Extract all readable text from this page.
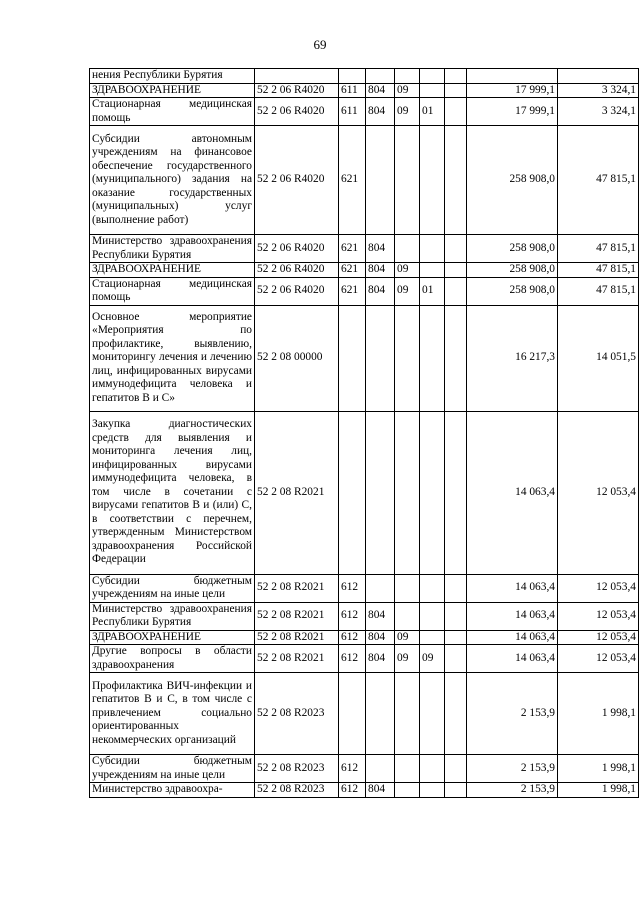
69
нения Республики Бурятия								
ЗДРАВООХРАНЕНИЕ	52 2 06 R4020	611	804	09			17 999,1	3 324,1
Стационарная медицинская помощь	52 2 06 R4020	611	804	09	01		17 999,1	3 324,1
Субсидии автономным учреждениям на финансовое обеспечение государственного (муниципального) задания на оказание государственных (муниципальных) услуг (выполнение работ)	52 2 06 R4020	621					258 908,0	47 815,1
Министерство здравоохранения Республики Бурятия	52 2 06 R4020	621	804				258 908,0	47 815,1
ЗДРАВООХРАНЕНИЕ	52 2 06 R4020	621	804	09			258 908,0	47 815,1
Стационарная медицинская помощь	52 2 06 R4020	621	804	09	01		258 908,0	47 815,1
Основное мероприятие «Мероприятия по профилактике, выявлению, мониторингу лечения и лечению лиц, инфицированных вирусами иммунодефицита человека и гепатитов B и C»	52 2 08 00000						16 217,3	14 051,5
Закупка диагностических средств для выявления и мониторинга лечения лиц, инфицированных вирусами иммунодефицита человека, в том числе в сочетании с вирусами гепатитов B и (или) C, в соответствии с перечнем, утвержденным Министерством здравоохранения Российской Федерации	52 2 08 R2021						14 063,4	12 053,4
Субсидии бюджетным учреждениям на иные цели	52 2 08 R2021	612					14 063,4	12 053,4
Министерство здравоохранения Республики Бурятия	52 2 08 R2021	612	804				14 063,4	12 053,4
ЗДРАВООХРАНЕНИЕ	52 2 08 R2021	612	804	09			14 063,4	12 053,4
Другие вопросы в области здравоохранения	52 2 08 R2021	612	804	09	09		14 063,4	12 053,4
Профилактика ВИЧ-инфекции и гепатитов B и C, в том числе с привлечением социально ориентированных некоммерческих организаций	52 2 08 R2023						2 153,9	1 998,1
Субсидии бюджетным учреждениям на иные цели	52 2 08 R2023	612					2 153,9	1 998,1
Министерство здравоохра-	52 2 08 R2023	612	804				2 153,9	1 998,1
